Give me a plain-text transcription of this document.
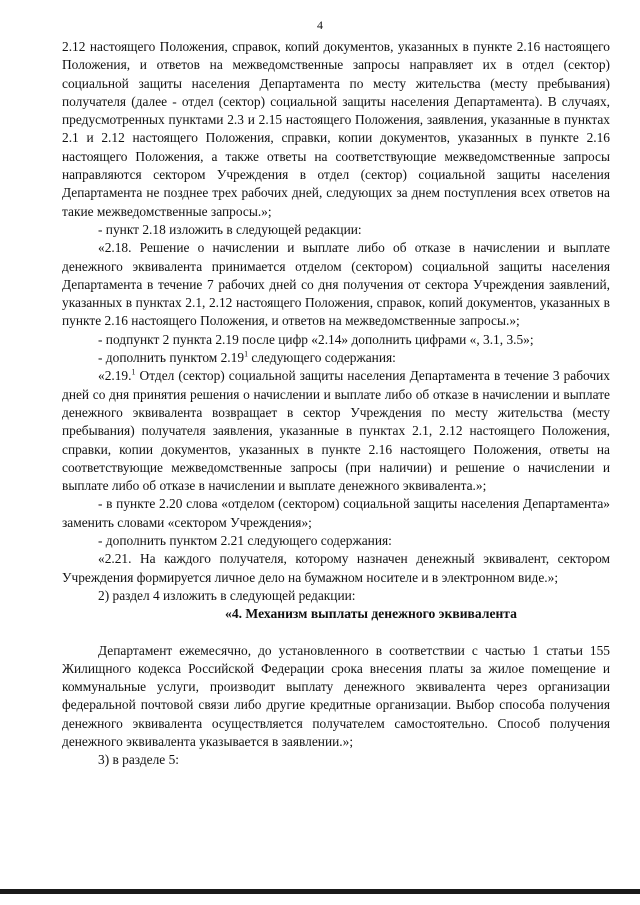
4

2.12 настоящего Положения, справок, копий документов, указанных в пункте 2.16 настоящего Положения, и ответов на межведомственные запросы направляет их в отдел (сектор) социальной защиты населения Департамента по месту жительства (месту пребывания) получателя (далее - отдел (сектор) социальной защиты населения Департамента). В случаях, предусмотренных пунктами 2.3 и 2.15 настоящего Положения, заявления, указанные в пунктах 2.1 и 2.12 настоящего Положения, справки, копии документов, указанных в пункте 2.16 настоящего Положения, а также ответы на соответствующие межведомственные запросы направляются сектором Учреждения в отдел (сектор) социальной защиты населения Департамента не позднее трех рабочих дней, следующих за днем поступления всех ответов на такие межведомственные запросы.»;

- пункт 2.18 изложить в следующей редакции:

«2.18. Решение о начислении и выплате либо об отказе в начислении и выплате денежного эквивалента принимается отделом (сектором) социальной защиты населения Департамента в течение 7 рабочих дней со дня получения от сектора Учреждения заявлений, указанных в пунктах 2.1, 2.12 настоящего Положения, справок, копий документов, указанных в пункте 2.16 настоящего Положения, и ответов на межведомственные запросы.»;

- подпункт 2 пункта 2.19 после цифр «2.14» дополнить цифрами «, 3.1, 3.5»;

- дополнить пунктом 2.19$^1$ следующего содержания:

«2.19.$^1$ Отдел (сектор) социальной защиты населения Департамента в течение 3 рабочих дней со дня принятия решения о начислении и выплате либо об отказе в начислении и выплате денежного эквивалента возвращает в сектор Учреждения по месту жительства (месту пребывания) получателя заявления, указанные в пунктах 2.1, 2.12 настоящего Положения, справки, копии документов, указанных в пункте 2.16 настоящего Положения, ответы на соответствующие межведомственные запросы (при наличии) и решение о начислении и выплате либо об отказе в начислении и выплате денежного эквивалента.»;

- в пункте 2.20 слова «отделом (сектором) социальной защиты населения Департамента» заменить словами «сектором Учреждения»;

- дополнить пунктом 2.21 следующего содержания:

«2.21. На каждого получателя, которому назначен денежный эквивалент, сектором Учреждения формируется личное дело на бумажном носителе и в электронном виде.»;

2) раздел 4 изложить в следующей редакции:

«4. Механизм выплаты денежного эквивалента

Департамент ежемесячно, до установленного в соответствии с частью 1 статьи 155 Жилищного кодекса Российской Федерации срока внесения платы за жилое помещение и коммунальные услуги, производит выплату денежного эквивалента через организации федеральной почтовой связи либо другие кредитные организации. Выбор способа получения денежного эквивалента осуществляется получателем самостоятельно. Способ получения денежного эквивалента указывается в заявлении.»;

3) в разделе 5:
